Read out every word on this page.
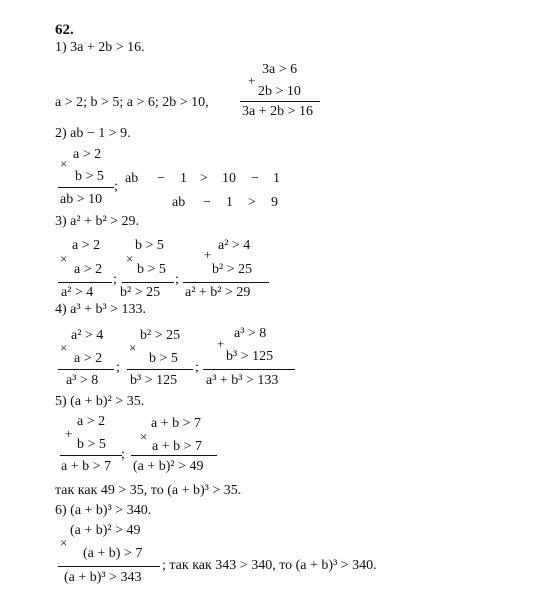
62.
1) 3a + 2b > 16.
a > 2; b > 5; a > 6; 2b > 10,
+
3a > 6
2b > 10
3a + 2b > 16
2) ab − 1 > 9.
×
a > 2
b > 5
ab > 10
;
ab − 1 > 10 − 1
ab − 1 > 9
3) a² + b² > 29.
×
a > 2
a > 2
a² > 4
;
×
b > 5
b > 5
b² > 25
;
+
a² > 4
b² > 25
a² + b² > 29
4) a³ + b³ > 133.
×
a² > 4
a > 2
a³ > 8
;
×
b² > 25
b > 5
b³ > 125
;
+
a³ > 8
b³ > 125
a³ + b³ > 133
5) (a + b)² > 35.
+
a > 2
b > 5
a + b > 7
;
×
a + b > 7
a + b > 7
(a + b)² > 49
так как 49 > 35, то (a + b)³ > 35.
6) (a + b)³ > 340.
×
(a + b)² > 49
(a + b) > 7
(a + b)³ > 343
; так как 343 > 340, то (a + b)³ > 340.
